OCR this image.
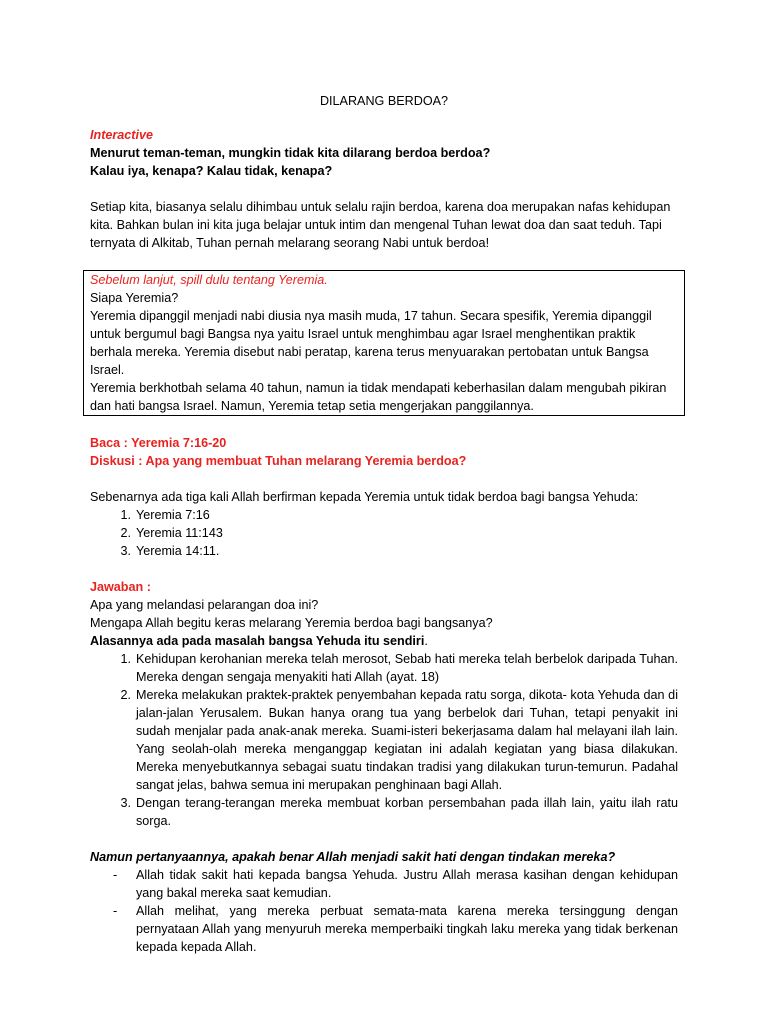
DILARANG BERDOA?

Interactive

Menurut teman-teman, mungkin tidak kita dilarang berdoa berdoa?

Kalau iya, kenapa? Kalau tidak, kenapa?

Setiap kita, biasanya selalu dihimbau untuk selalu rajin berdoa, karena doa merupakan nafas kehidupan kita. Bahkan bulan ini kita juga belajar untuk intim dan mengenal Tuhan lewat doa dan saat teduh. Tapi ternyata di Alkitab, Tuhan pernah melarang seorang Nabi untuk berdoa!

Sebelum lanjut, spill dulu tentang Yeremia.

Siapa Yeremia?

Yeremia dipanggil menjadi nabi diusia nya masih muda, 17 tahun. Secara spesifik, Yeremia dipanggil untuk bergumul bagi Bangsa nya yaitu Israel untuk menghimbau agar Israel menghentikan praktik berhala mereka. Yeremia disebut nabi peratap, karena terus menyuarakan pertobatan untuk Bangsa Israel.

Yeremia berkhotbah selama 40 tahun, namun ia tidak mendapati keberhasilan dalam mengubah pikiran dan hati bangsa Israel. Namun, Yeremia tetap setia mengerjakan panggilannya.

Baca : Yeremia 7:16-20

Diskusi : Apa yang membuat Tuhan melarang Yeremia berdoa?

Sebenarnya ada tiga kali Allah berfirman kepada Yeremia untuk tidak berdoa bagi bangsa Yehuda:

1. Yeremia 7:16
2. Yeremia 11:143
3. Yeremia 14:11.

Jawaban :

Apa yang melandasi pelarangan doa ini?

Mengapa Allah begitu keras melarang Yeremia berdoa bagi bangsanya?

Alasannya ada pada masalah bangsa Yehuda itu sendiri.

1. Kehidupan kerohanian mereka telah merosot, Sebab hati mereka telah berbelok daripada Tuhan. Mereka dengan sengaja menyakiti hati Allah (ayat. 18)
2. Mereka melakukan praktek-praktek penyembahan kepada ratu sorga, dikota- kota Yehuda dan di jalan-jalan Yerusalem. Bukan hanya orang tua yang berbelok dari Tuhan, tetapi penyakit ini sudah menjalar pada anak-anak mereka. Suami-isteri bekerjasama dalam hal melayani ilah lain. Yang seolah-olah mereka menganggap kegiatan ini adalah kegiatan yang biasa dilakukan. Mereka menyebutkannya sebagai suatu tindakan tradisi yang dilakukan turun-temurun. Padahal sangat jelas, bahwa semua ini merupakan penghinaan bagi Allah.
3. Dengan terang-terangan mereka membuat korban persembahan pada illah lain, yaitu ilah ratu sorga.

Namun pertanyaannya, apakah benar Allah menjadi sakit hati dengan tindakan mereka?

- Allah tidak sakit hati kepada bangsa Yehuda. Justru Allah merasa kasihan dengan kehidupan yang bakal mereka saat kemudian.
- Allah melihat, yang mereka perbuat semata-mata karena mereka tersinggung dengan pernyataan Allah yang menyuruh mereka memperbaiki tingkah laku mereka yang tidak berkenan kepada kepada Allah.
